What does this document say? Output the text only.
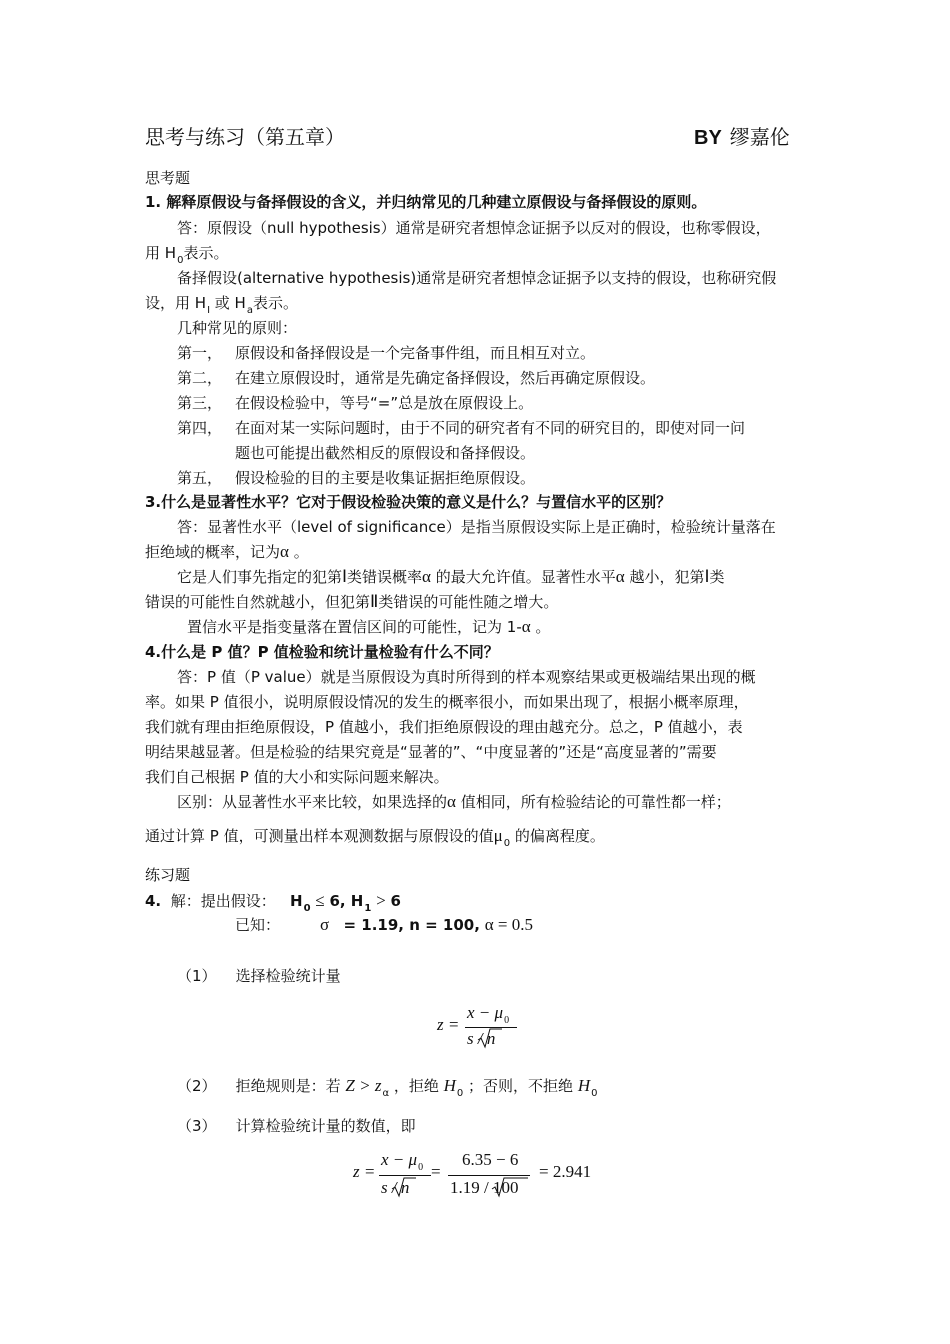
思考与练习（第五章）	BY 缪嘉伦
思考题
1. 解释原假设与备择假设的含义，并归纳常见的几种建立原假设与备择假设的原则。
答：原假设（null hypothesis）通常是研究者想悼念证据予以反对的假设，也称零假设，
用 $H_0$表示。
备择假设(alternative hypothesis)通常是研究者想悼念证据予以支持的假设，也称研究假
设，用 $H_I$ 或 $H_a$表示。
几种常见的原则：
第一， 原假设和备择假设是一个完备事件组，而且相互对立。
第二， 在建立原假设时，通常是先确定备择假设，然后再确定原假设。
第三， 在假设检验中，等号“=”总是放在原假设上。
第四， 在面对某一实际问题时，由于不同的研究者有不同的研究目的，即使对同一问
题也可能提出截然相反的原假设和备择假设。
第五， 假设检验的目的主要是收集证据拒绝原假设。
3.什么是显著性水平？它对于假设检验决策的意义是什么？与置信水平的区别？
答：显著性水平（level of significance）是指当原假设实际上是正确时，检验统计量落在
拒绝域的概率，记为α 。
它是人们事先指定的犯第Ⅰ类错误概率α 的最大允许值。显著性水平α 越小，犯第Ⅰ类
错误的可能性自然就越小，但犯第Ⅱ类错误的可能性随之增大。
置信水平是指变量落在置信区间的可能性，记为 1-α 。
4.什么是 P 值？P 值检验和统计量检验有什么不同？
答：P 值（P value）就是当原假设为真时所得到的样本观察结果或更极端结果出现的概
率。如果 P 值很小，说明原假设情况的发生的概率很小，而如果出现了，根据小概率原理，
我们就有理由拒绝原假设，P 值越小，我们拒绝原假设的理由越充分。总之，P 值越小，表
明结果越显著。但是检验的结果究竟是“显著的”、“中度显著的”还是“高度显著的”需要
我们自己根据 P 值的大小和实际问题来解决。
区别：从显著性水平来比较，如果选择的α 值相同，所有检验结论的可靠性都一样；
通过计算 P 值，可测量出样本观测数据与原假设的值$\mu_0$ 的偏离程度。
练习题
4. 解：提出假设： $H_0 \le 6$, $H_1 > 6$
已知： σ = 1.19, n = 100, α = 0.5
（1） 选择检验统计量
z =
$x - \mu_0$
s / n
（2） 拒绝规则是：若 $Z > z_\alpha$ ，拒绝 $H_0$ ；否则，不拒绝 $H_0$
（3） 计算检验统计量的数值，即
z =
$x - \mu_0$
s / n
=
6.35 − 6
1.19 / 100
= 2.941
